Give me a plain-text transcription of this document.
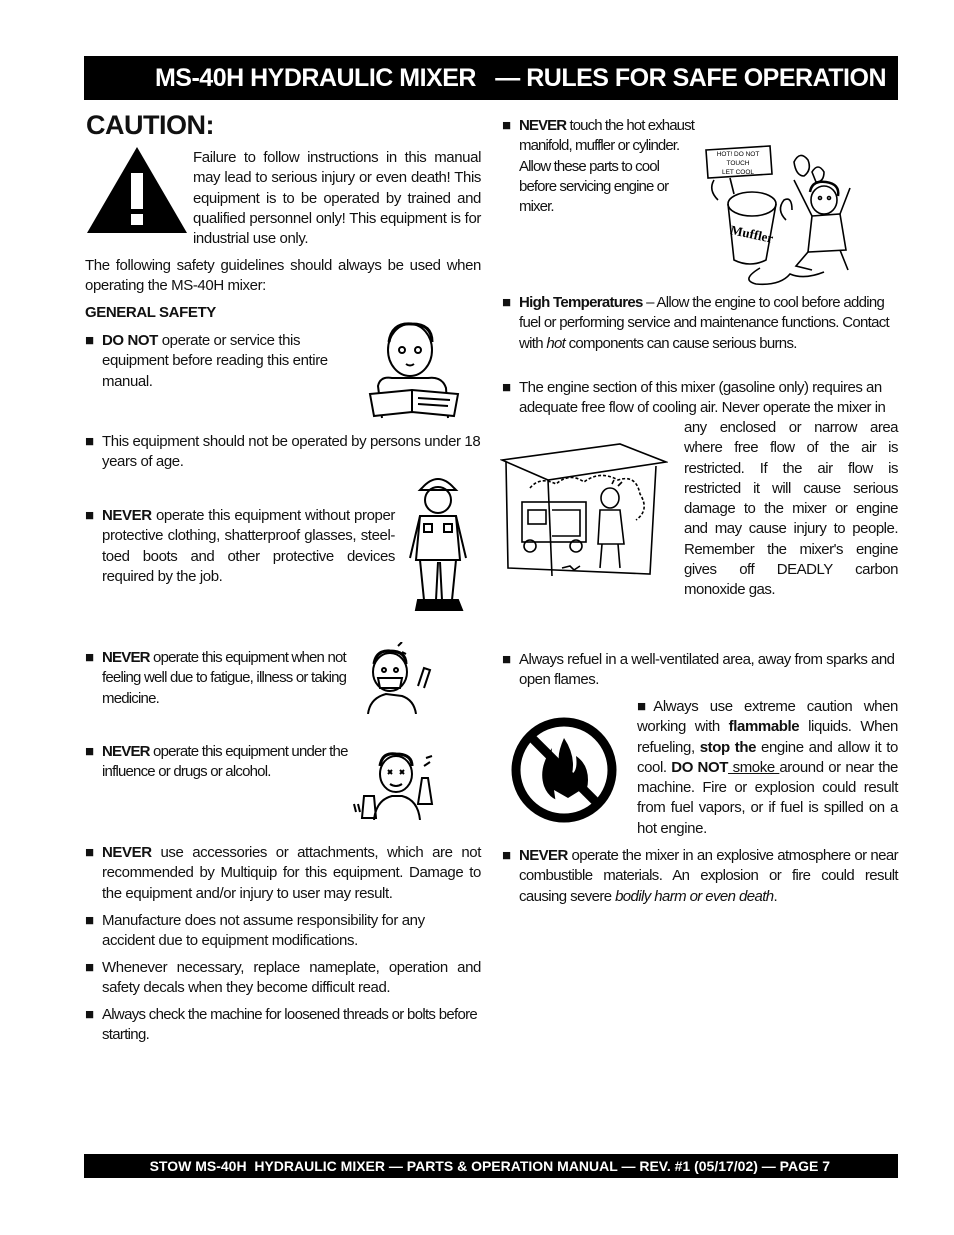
MS-40H HYDRAULIC MIXER   — RULES FOR SAFE OPERATION
CAUTION:
Failure to follow instructions in this manual may lead to serious injury or even death! This equipment is to be operated by trained and qualified personnel only! This equipment is for industrial use only.
The following safety guidelines should always be used when operating the MS-40H mixer:
GENERAL SAFETY
■ DO NOT operate or service this equipment before reading this entire manual.
■ This equipment should not be operated by persons under 18 years of age.
■ NEVER operate this equipment without proper protective clothing, shatterproof glasses, steel-toed boots and other protective devices required by the job.
■ NEVER operate this equipment when not feeling well due to fatigue, illness or taking medicine.
■ NEVER operate this equipment under the influence or drugs or alcohol.
■ NEVER use accessories or attachments, which are not recommended by Multiquip for this equipment. Damage to the equipment and/or injury to user may result.
■ Manufacture does not assume responsibility for any accident due to equipment modifications.
■ Whenever necessary, replace nameplate, operation and safety decals when they become difficult read.
■ Always check the machine for loosened threads or bolts before starting.
■ NEVER touch the hot exhaust manifold, muffler or cylinder. Allow these parts to cool before servicing engine or mixer.
HOT! DO NOT
TOUCH
LET COOL
Muffler
■ High Temperatures – Allow the engine to cool before adding fuel or performing service and maintenance functions. Contact with hot components can cause serious burns.
■ The engine section of this mixer (gasoline only) requires an adequate free flow of cooling air. Never operate the mixer in
any enclosed or narrow area where free flow of the air is restricted. If the air flow is restricted it will cause serious damage to the mixer or engine and may cause injury to people. Remember the mixer's engine gives off DEADLY carbon monoxide gas.
■ Always refuel in a well-ventilated area, away from sparks and open flames.
■Always use extreme caution when working with flammable liquids. When refueling, stop the engine and allow it to cool. DO NOT smoke around or near the machine. Fire or explosion could result from fuel vapors, or if fuel is spilled on a hot engine.
■ NEVER operate the mixer in an explosive atmosphere or near combustible materials. An explosion or fire could result causing severe bodily harm or even death.
STOW MS-40H  HYDRAULIC MIXER — PARTS & OPERATION MANUAL — REV. #1 (05/17/02) — PAGE 7
